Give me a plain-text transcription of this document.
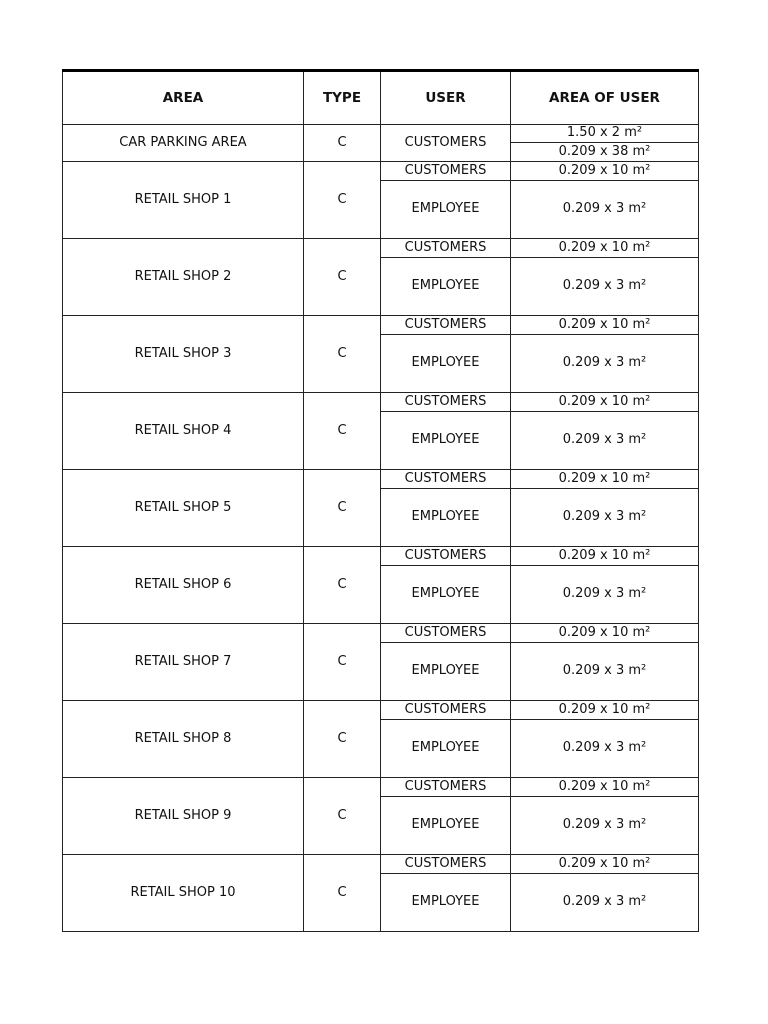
AREA	TYPE	USER	AREA OF USER
CAR PARKING AREA	C	CUSTOMERS	1.50 x 2 m²
			0.209 x 38 m²
RETAIL SHOP 1	C	CUSTOMERS	0.209 x 10 m²
		EMPLOYEE	0.209 x 3 m²
RETAIL SHOP 2	C	CUSTOMERS	0.209 x 10 m²
		EMPLOYEE	0.209 x 3 m²
RETAIL SHOP 3	C	CUSTOMERS	0.209 x 10 m²
		EMPLOYEE	0.209 x 3 m²
RETAIL SHOP 4	C	CUSTOMERS	0.209 x 10 m²
		EMPLOYEE	0.209 x 3 m²
RETAIL SHOP 5	C	CUSTOMERS	0.209 x 10 m²
		EMPLOYEE	0.209 x 3 m²
RETAIL SHOP 6	C	CUSTOMERS	0.209 x 10 m²
		EMPLOYEE	0.209 x 3 m²
RETAIL SHOP 7	C	CUSTOMERS	0.209 x 10 m²
		EMPLOYEE	0.209 x 3 m²
RETAIL SHOP 8	C	CUSTOMERS	0.209 x 10 m²
		EMPLOYEE	0.209 x 3 m²
RETAIL SHOP 9	C	CUSTOMERS	0.209 x 10 m²
		EMPLOYEE	0.209 x 3 m²
RETAIL SHOP 10	C	CUSTOMERS	0.209 x 10 m²
		EMPLOYEE	0.209 x 3 m²
